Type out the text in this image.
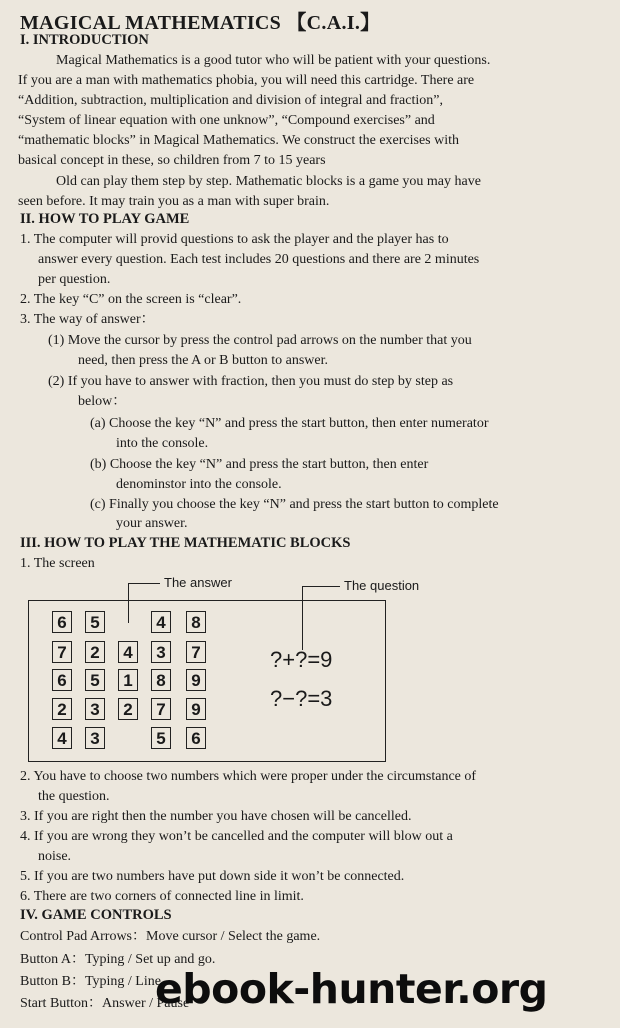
MAGICAL MATHEMATICS 【C.A.I.】
I. INTRODUCTION
Magical Mathematics is a good tutor who will be patient with your questions.
If you are a man with mathematics phobia, you will need this cartridge. There are
“Addition, subtraction, multiplication and division of integral and fraction”,
“System of linear equation with one unknow”, “Compound exercises” and
“mathematic blocks” in Magical Mathematics. We construct the exercises with
basical concept in these, so children from 7 to 15 years
Old can play them step by step. Mathematic blocks is a game you may have
seen before. It may train you as a man with super brain.
II. HOW TO PLAY GAME
1. The computer will provid questions to ask the player and the player has to
answer every question. Each test includes 20 questions and there are 2 minutes
per question.
2. The key “C” on the screen is “clear”.
3. The way of answer：
(1) Move the cursor by press the control pad arrows on the number that you
need, then press the A or B button to answer.
(2) If you have to answer with fraction, then you must do step by step as
below：
(a) Choose the key “N” and press the start button, then enter numerator
into the console.
(b) Choose the key “N” and press the start button, then enter
denominstor into the console.
(c) Finally you choose the key “N” and press the start button to complete
your answer.
III. HOW TO PLAY THE MATHEMATIC BLOCKS
1. The screen
The answer	The question
6	5	4	8
7	2	4	3	7
6	5	1	8	9
2	3	2	7	9
4	3	5	6
?+?=9
?−?=3
2. You have to choose two numbers which were proper under the circumstance of
the question.
3. If you are right then the number you have chosen will be cancelled.
4. If you are wrong they won’t be cancelled and the computer will blow out a
noise.
5. If you are two numbers have put down side it won’t be connected.
6. There are two corners of connected line in limit.
IV. GAME CONTROLS
Control Pad Arrows：Move cursor / Select the game.
Button A：Typing / Set up and go.
Button B：Typing / Line
Start Button：Answer / Pause
ebook-hunter.org
